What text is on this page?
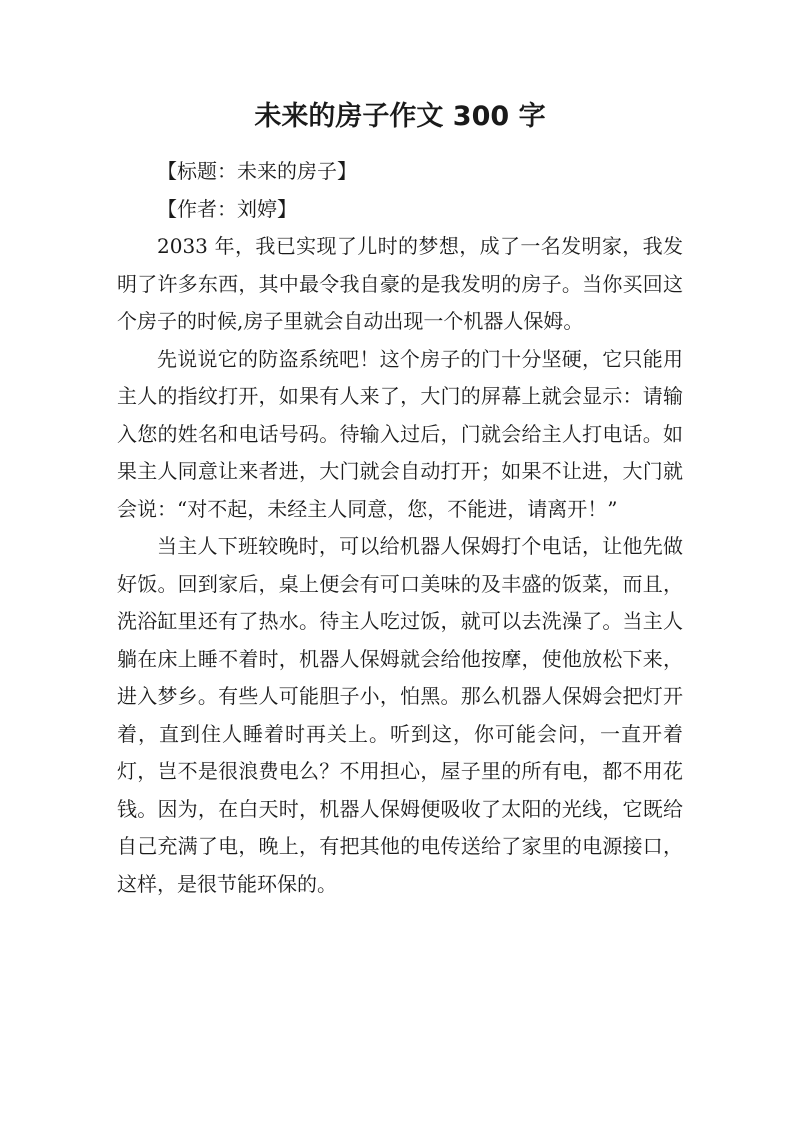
未来的房子作文 300 字

【标题：未来的房子】

【作者：刘婷】

2033 年，我已实现了儿时的梦想，成了一名发明家，我发明了许多东西，其中最令我自豪的是我发明的房子。当你买回这个房子的时候,房子里就会自动出现一个机器人保姆。

先说说它的防盗系统吧！这个房子的门十分坚硬，它只能用主人的指纹打开，如果有人来了，大门的屏幕上就会显示：请输入您的姓名和电话号码。待输入过后，门就会给主人打电话。如果主人同意让来者进，大门就会自动打开；如果不让进，大门就会说：“对不起，未经主人同意，您，不能进，请离开！”

当主人下班较晚时，可以给机器人保姆打个电话，让他先做好饭。回到家后，桌上便会有可口美味的及丰盛的饭菜，而且，洗浴缸里还有了热水。待主人吃过饭，就可以去洗澡了。当主人躺在床上睡不着时，机器人保姆就会给他按摩，使他放松下来，进入梦乡。有些人可能胆子小，怕黑。那么机器人保姆会把灯开着，直到住人睡着时再关上。听到这，你可能会问，一直开着灯，岂不是很浪费电么？不用担心，屋子里的所有电，都不用花钱。因为，在白天时，机器人保姆便吸收了太阳的光线，它既给自己充满了电，晚上，有把其他的电传送给了家里的电源接口，这样，是很节能环保的。
